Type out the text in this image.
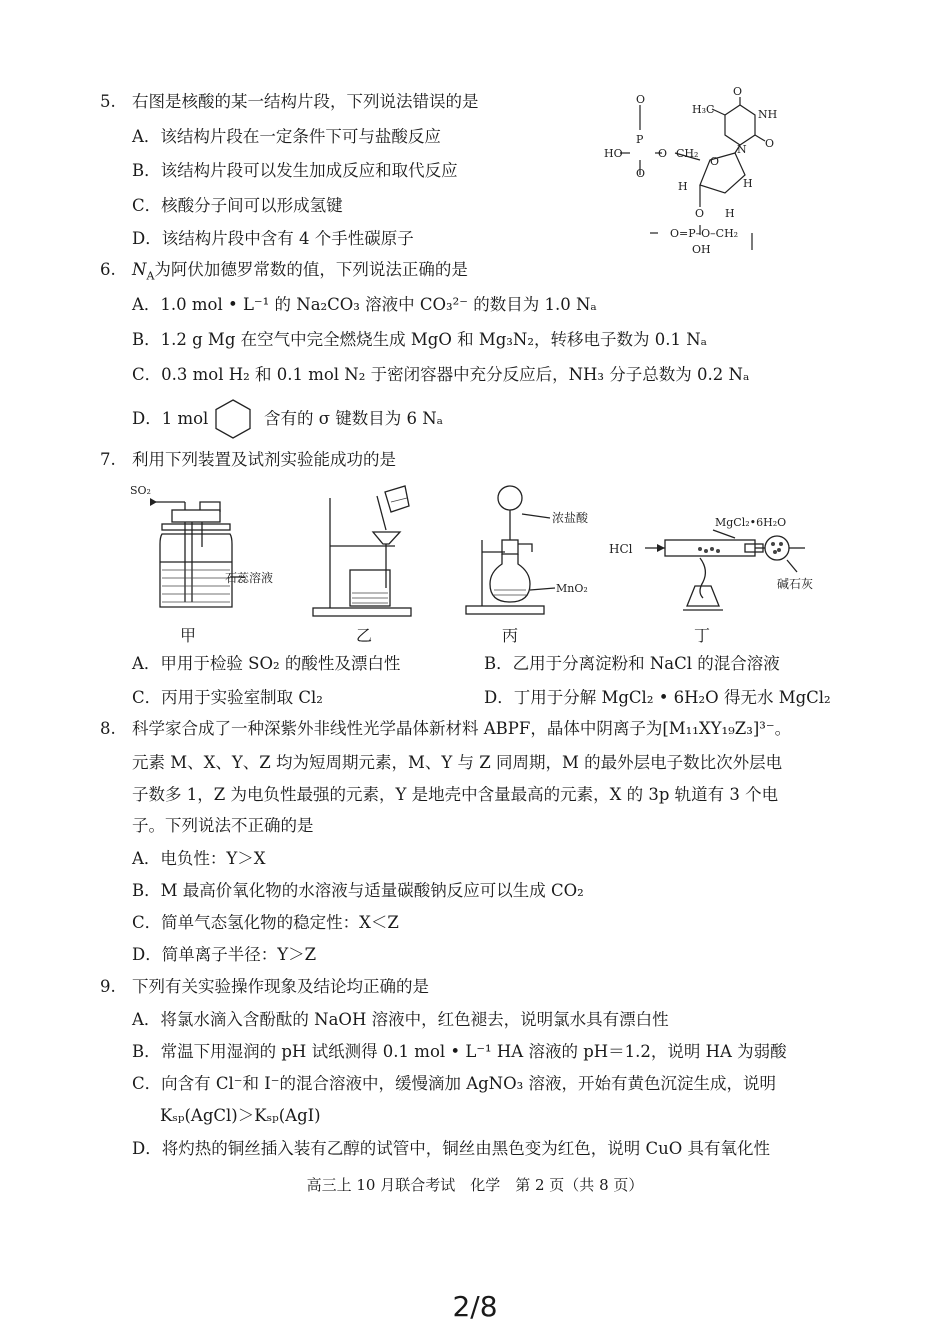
5. 右图是核酸的某一结构片段，下列说法错误的是
A．该结构片段在一定条件下可与盐酸反应
B．该结构片段可以发生加成反应和取代反应
C．核酸分子间可以形成氢键
D．该结构片段中含有 4 个手性碳原子
H₃C
O
NH
O
N
O
P
HO	O CH₂
O
O
H	H
O H
O=P–O–CH₂
OH
6. $N_A$为阿伏加德罗常数的值，下列说法正确的是
A．1.0 mol • L⁻¹ 的 Na₂CO₃ 溶液中 CO₃²⁻ 的数目为 1.0 Nₐ
B．1.2 g Mg 在空气中完全燃烧生成 MgO 和 Mg₃N₂，转移电子数为 0.1 Nₐ
C．0.3 mol H₂ 和 0.1 mol N₂ 于密闭容器中充分反应后，NH₃ 分子总数为 0.2 Nₐ
D．1 mol	含有的 σ 键数目为 6 Nₐ
7. 利用下列装置及试剂实验能成功的是
SO₂
石蕊溶液
浓盐酸
MnO₂
HCl
MgCl₂•6H₂O
碱石灰
甲	乙	丙	丁
A．甲用于检验 SO₂ 的酸性及漂白性	B．乙用于分离淀粉和 NaCl 的混合溶液
C．丙用于实验室制取 Cl₂	D．丁用于分解 MgCl₂ • 6H₂O 得无水 MgCl₂
8. 科学家合成了一种深紫外非线性光学晶体新材料 ABPF，晶体中阴离子为[M₁₁XY₁₉Z₃]³⁻。
元素 M、X、Y、Z 均为短周期元素，M、Y 与 Z 同周期，M 的最外层电子数比次外层电
子数多 1，Z 为电负性最强的元素，Y 是地壳中含量最高的元素，X 的 3p 轨道有 3 个电
子。下列说法不正确的是
A．电负性：Y＞X
B．M 最高价氧化物的水溶液与适量碳酸钠反应可以生成 CO₂
C．简单气态氢化物的稳定性：X＜Z
D．简单离子半径：Y＞Z
9. 下列有关实验操作现象及结论均正确的是
A．将氯水滴入含酚酞的 NaOH 溶液中，红色褪去，说明氯水具有漂白性
B．常温下用湿润的 pH 试纸测得 0.1 mol • L⁻¹ HA 溶液的 pH＝1.2，说明 HA 为弱酸
C．向含有 Cl⁻和 I⁻的混合溶液中，缓慢滴加 AgNO₃ 溶液，开始有黄色沉淀生成，说明
Kₛₚ(AgCl)＞Kₛₚ(AgI)
D．将灼热的铜丝插入装有乙醇的试管中，铜丝由黑色变为红色，说明 CuO 具有氧化性
高三上 10 月联合考试　化学　第 2 页（共 8 页）
2/8
